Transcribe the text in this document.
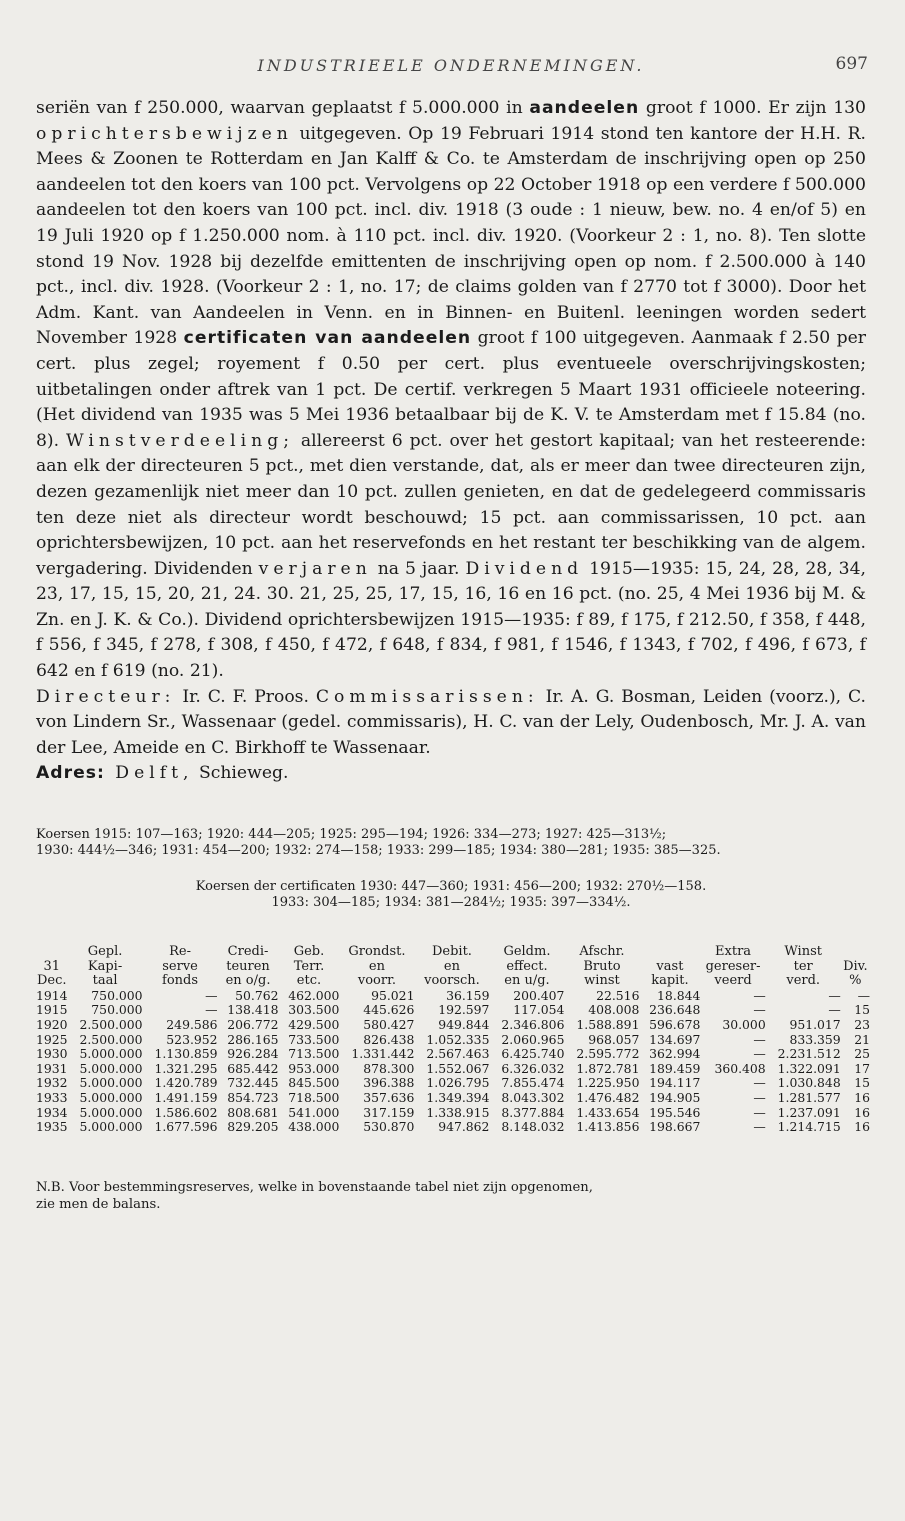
INDUSTRIEELE ONDERNEMINGEN.	697

seriën van f 250.000, waarvan geplaatst f 5.000.000 in aandeelen groot f 1000. Er zijn 130 oprichtersbewijzen uitgegeven. Op 19 Februari 1914 stond ten kantore der H.H. R. Mees & Zoonen te Rotterdam en Jan Kalff & Co. te Amsterdam de inschrijving open op 250 aandeelen tot den koers van 100 pct. Vervolgens op 22 October 1918 op een verdere f 500.000 aandeelen tot den koers van 100 pct. incl. div. 1918 (3 oude : 1 nieuw, bew. no. 4 en/of 5) en 19 Juli 1920 op f 1.250.000 nom. à 110 pct. incl. div. 1920. (Voorkeur 2 : 1, no. 8). Ten slotte stond 19 Nov. 1928 bij dezelfde emittenten de inschrijving open op nom. f 2.500.000 à 140 pct., incl. div. 1928. (Voorkeur 2 : 1, no. 17; de claims golden van f 2770 tot f 3000). Door het Adm. Kant. van Aandeelen in Venn. en in Binnen- en Buitenl. leeningen worden sedert November 1928 certificaten van aandeelen groot f 100 uitgegeven. Aanmaak f 2.50 per cert. plus zegel; royement f 0.50 per cert. plus eventueele overschrijvingskosten; uitbetalingen onder aftrek van 1 pct. De certif. verkregen 5 Maart 1931 officieele noteering. (Het dividend van 1935 was 5 Mei 1936 betaalbaar bij de K. V. te Amsterdam met f 15.84 (no. 8). Winstverdeeling; allereerst 6 pct. over het gestort kapitaal; van het resteerende: aan elk der directeuren 5 pct., met dien verstande, dat, als er meer dan twee directeuren zijn, dezen gezamenlijk niet meer dan 10 pct. zullen genieten, en dat de gedelegeerd commissaris ten deze niet als directeur wordt beschouwd; 15 pct. aan commissarissen, 10 pct. aan oprichtersbewijzen, 10 pct. aan het reservefonds en het restant ter beschikking van de algem. vergadering. Dividenden verjaren na 5 jaar. Dividend 1915—1935: 15, 24, 28, 28, 34, 23, 17, 15, 15, 20, 21, 24. 30. 21, 25, 25, 17, 15, 16, 16 en 16 pct. (no. 25, 4 Mei 1936 bij M. & Zn. en J. K. & Co.). Dividend oprichtersbewijzen 1915—1935: f 89, f 175, f 212.50, f 358, f 448, f 556, f 345, f 278, f 308, f 450, f 472, f 648, f 834, f 981, f 1546, f 1343, f 702, f 496, f 673, f 642 en f 619 (no. 21).

Directeur: Ir. C. F. Proos. Commissarissen: Ir. A. G. Bosman, Leiden (voorz.), C. von Lindern Sr., Wassenaar (gedel. commissaris), H. C. van der Lely, Oudenbosch, Mr. J. A. van der Lee, Ameide en C. Birkhoff te Wassenaar.

Adres: Delft, Schieweg.

Koersen 1915: 107—163; 1920: 444—205; 1925: 295—194; 1926: 334—273; 1927: 425—313½;
1930: 444½—346; 1931: 454—200; 1932: 274—158; 1933: 299—185; 1934: 380—281; 1935: 385—325.
Koersen der certificaten 1930: 447—360; 1931: 456—200; 1932: 270½—158.
1933: 304—185; 1934: 381—284½; 1935: 397—334½.
	Gepl.	Re-	Credi-	Geb.	Grondst.	Debit.	Geldm.	Afschr.		Extra	Winst	
31	Kapi-	serve	teuren	Terr.	en	en	effect.	Bruto	vast	gereser-	ter	Div.
Dec.	taal	fonds	en o/g.	etc.	voorr.	voorsch.	en u/g.	winst	kapit.	veerd	verd.	%
1914	750.000	—	50.762	462.000	95.021	36.159	200.407	22.516	18.844	—	—	—
1915	750.000	—	138.418	303.500	445.626	192.597	117.054	408.008	236.648	—	—	15
1920	2.500.000	249.586	206.772	429.500	580.427	949.844	2.346.806	1.588.891	596.678	30.000	951.017	23
1925	2.500.000	523.952	286.165	733.500	826.438	1.052.335	2.060.965	968.057	134.697	—	833.359	21
1930	5.000.000	1.130.859	926.284	713.500	1.331.442	2.567.463	6.425.740	2.595.772	362.994	—	2.231.512	25
1931	5.000.000	1.321.295	685.442	953.000	878.300	1.552.067	6.326.032	1.872.781	189.459	360.408	1.322.091	17
1932	5.000.000	1.420.789	732.445	845.500	396.388	1.026.795	7.855.474	1.225.950	194.117	—	1.030.848	15
1933	5.000.000	1.491.159	854.723	718.500	357.636	1.349.394	8.043.302	1.476.482	194.905	—	1.281.577	16
1934	5.000.000	1.586.602	808.681	541.000	317.159	1.338.915	8.377.884	1.433.654	195.546	—	1.237.091	16
1935	5.000.000	1.677.596	829.205	438.000	530.870	947.862	8.148.032	1.413.856	198.667	—	1.214.715	16
N.B. Voor bestemmingsreserves, welke in bovenstaande tabel niet zijn opgenomen,
zie men de balans.
